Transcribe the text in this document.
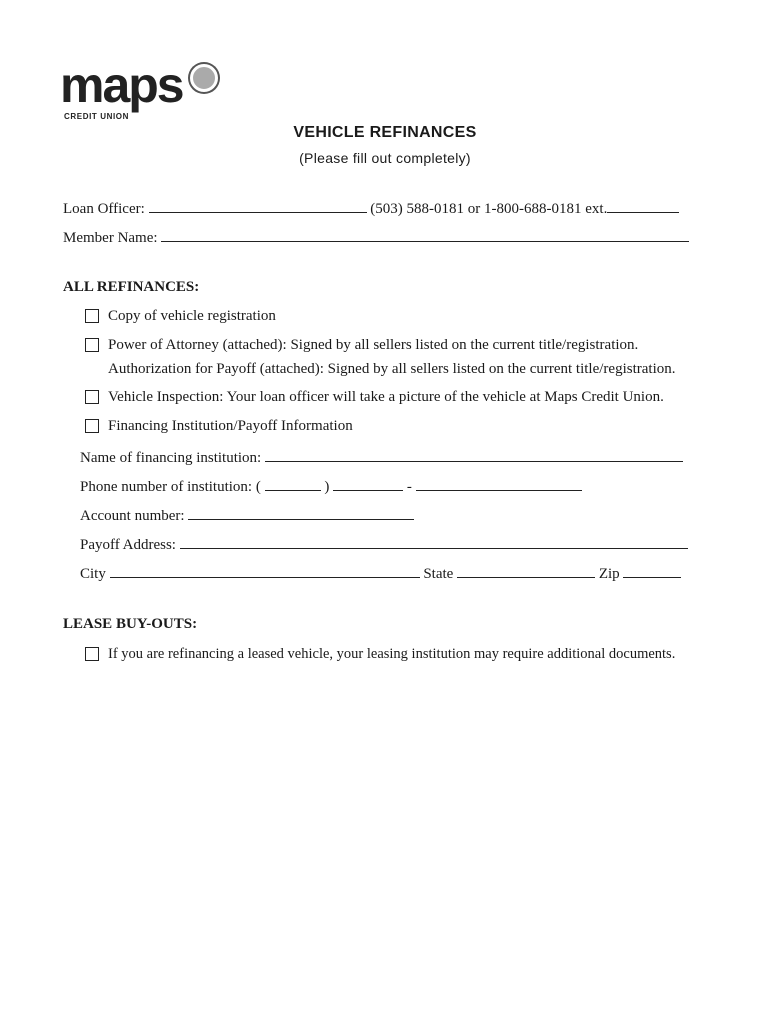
maps
CREDIT UNION
VEHICLE REFINANCES
(Please fill out completely)
Loan Officer:	(503) 588-0181 or 1-800-688-0181 ext.
Member Name:
ALL REFINANCES:
Copy of vehicle registration
Power of Attorney (attached): Signed by all sellers listed on the current title/registration.
Authorization for Payoff (attached): Signed by all sellers listed on the current title/registration.
Vehicle Inspection: Your loan officer will take a picture of the vehicle at Maps Credit Union.
Financing Institution/Payoff Information
Name of financing institution:
Phone number of institution: (	)	-
Account number:
Payoff Address:
City	State	Zip
LEASE BUY-OUTS:
If you are refinancing a leased vehicle, your leasing institution may require additional documents.
